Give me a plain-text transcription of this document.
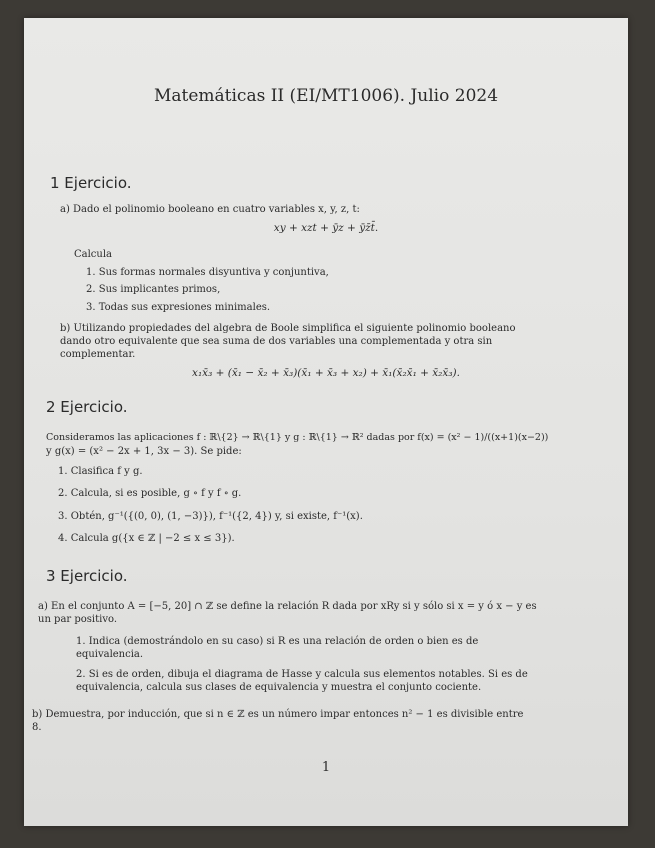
Matemáticas II (EI/MT1006). Julio 2024
1 Ejercicio.
a) Dado el polinomio booleano en cuatro variables x, y, z, t:
xy + xzt + ȳz + ȳz̄t̄.
Calcula
1. Sus formas normales disyuntiva y conjuntiva,
2. Sus implicantes primos,
3. Todas sus expresiones minimales.
b) Utilizando propiedades del algebra de Boole simplifica el siguiente polinomio booleano dando otro equivalente que sea suma de dos variables una complementada y otra sin complementar.
x₁x̄₃ + (x̄₁ − x̄₂ + x̄₃)(x̄₁ + x̄₃ + x₂) + x̄₁(x̄₂x̄₁ + x̄₂x̄₃).
2 Ejercicio.
Consideramos las aplicaciones f : ℝ\{2} → ℝ\{1} y g : ℝ\{1} → ℝ² dadas por f(x) = (x² − 1)/((x+1)(x−2))
y g(x) = (x² − 2x + 1, 3x − 3). Se pide:
1. Clasifica f y g.
2. Calcula, si es posible, g ∘ f y f ∘ g.
3. Obtén, g⁻¹({(0, 0), (1, −3)}), f⁻¹({2, 4}) y, si existe, f⁻¹(x).
4. Calcula g({x ∈ ℤ | −2 ≤ x ≤ 3}).
3 Ejercicio.
a) En el conjunto A = [−5, 20] ∩ ℤ se define la relación R dada por xRy si y sólo si x = y ó x − y es un par positivo.
1. Indica (demostrándolo en su caso) si R es una relación de orden o bien es de equivalencia.
2. Si es de orden, dibuja el diagrama de Hasse y calcula sus elementos notables. Si es de equivalencia, calcula sus clases de equivalencia y muestra el conjunto cociente.
b) Demuestra, por inducción, que si n ∈ ℤ es un número impar entonces n² − 1 es divisible entre 8.
1
